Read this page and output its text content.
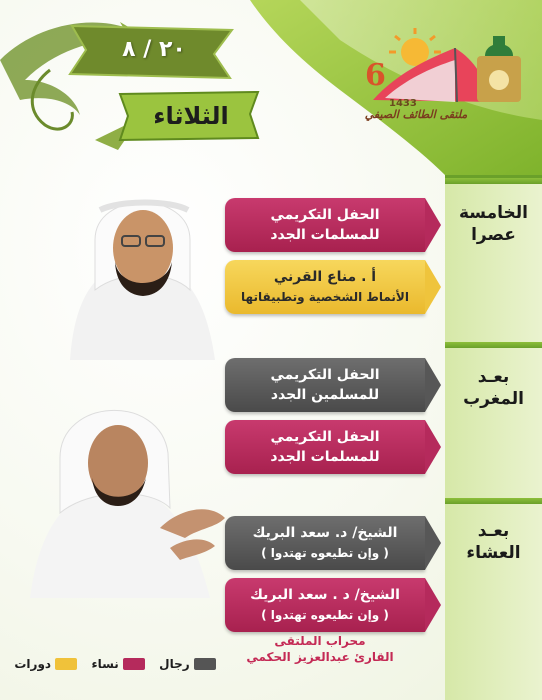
٢٠ / ٨
الثلاثاء
6
1433
ملتقى الطائف الصيفي
الخامسة
عصرا
بعـد
المغرب
بعـد
العشاء
الحفل التكريمي
للمسلمات الجدد
أ . مناع القرني
الأنماط الشخصية وتطبيقاتها
الحفل التكريمي
للمسلمين الجدد
الحفل التكريمي
للمسلمات الجدد
الشيخ/ د. سعد البريك
( وإن تطيعوه تهتدوا )
الشيخ/ د . سعد البريك
( وإن تطيعوه تهتدوا )
محراب الملتقى
القارئ عبدالعزيز الحكمي
رجال
نساء
دورات
